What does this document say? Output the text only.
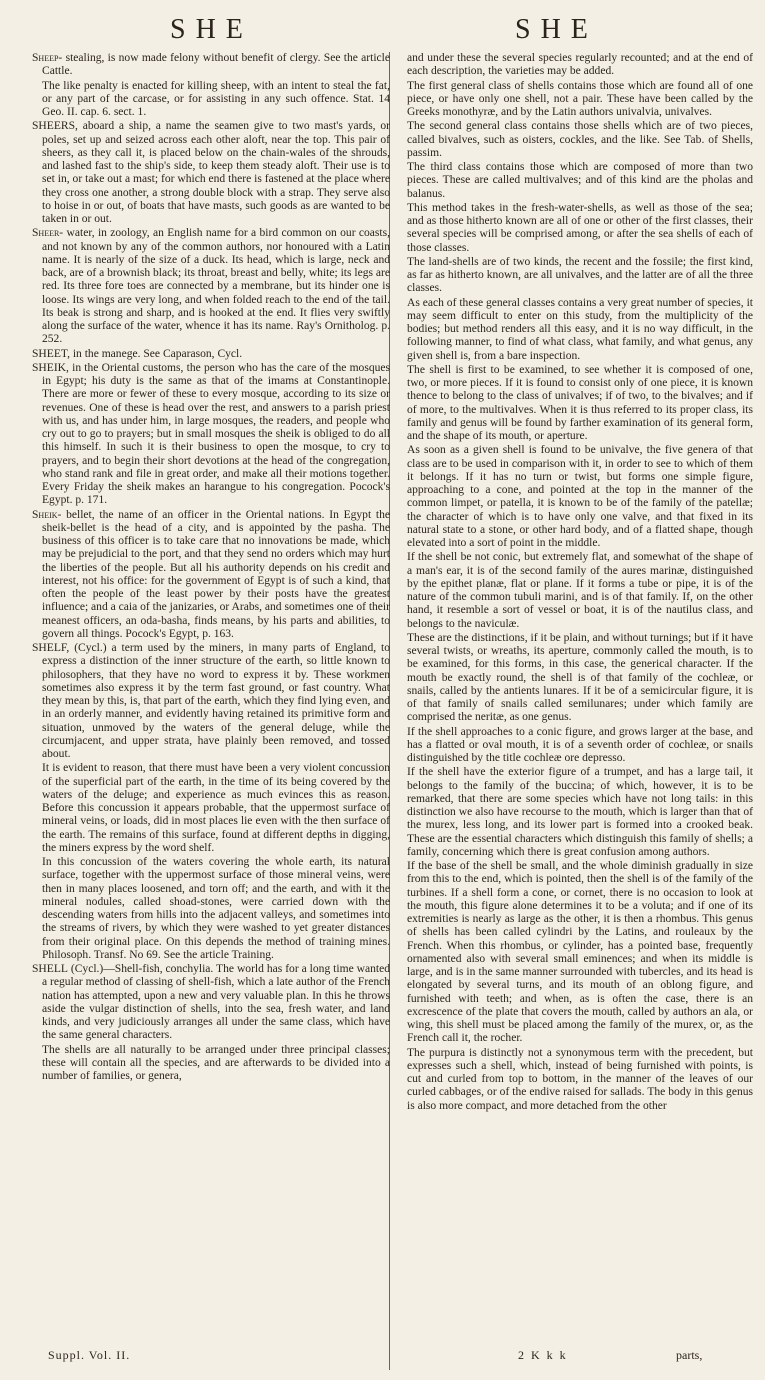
SHE	SHE
Sheep- stealing, is now made felony without benefit of clergy. See the article Cattle.
The like penalty is enacted for killing sheep, with an intent to steal the fat, or any part of the carcase, or for assisting in any such offence. Stat. 14 Geo. II. cap. 6. sect. 1.
SHEERS, aboard a ship, a name the seamen give to two mast's yards, or poles, set up and seized across each other aloft, near the top. This pair of sheers, as they call it, is placed below on the chain-wales of the shrouds, and lashed fast to the ship's side, to keep them steady aloft. Their use is to set in, or take out a mast; for which end there is fastened at the place where they cross one another, a strong double block with a strap. They serve also to hoise in or out, of boats that have masts, such goods as are wanted to be taken in or out.
Sheer- water, in zoology, an English name for a bird common on our coasts, and not known by any of the common authors, nor honoured with a Latin name. It is nearly of the size of a duck. Its head, which is large, neck and back, are of a brownish black; its throat, breast and belly, white; its legs are red. Its three fore toes are connected by a membrane, but its hinder one is loose. Its wings are very long, and when folded reach to the end of the tail. Its beak is strong and sharp, and is hooked at the end. It flies very swiftly along the surface of the water, whence it has its name. Ray's Ornitholog. p. 252.
SHEET, in the manege. See Caparason, Cycl.
SHEIK, in the Oriental customs, the person who has the care of the mosques in Egypt; his duty is the same as that of the imams at Constantinople. There are more or fewer of these to every mosque, according to its size or revenues. One of these is head over the rest, and answers to a parish priest with us, and has under him, in large mosques, the readers, and people who cry out to go to prayers; but in small mosques the sheik is obliged to do all this himself. In such it is their business to open the mosque, to cry to prayers, and to begin their short devotions at the head of the congregation, who stand rank and file in great order, and make all their motions together. Every Friday the sheik makes an harangue to his congregation. Pocock's Egypt. p. 171.
Sheik- bellet, the name of an officer in the Oriental nations. In Egypt the sheik-bellet is the head of a city, and is appointed by the pasha. The business of this officer is to take care that no innovations be made, which may be prejudicial to the port, and that they send no orders which may hurt the liberties of the people. But all his authority depends on his credit and interest, not his office: for the government of Egypt is of such a kind, that often the people of the least power by their posts have the greatest influence; and a caia of the janizaries, or Arabs, and sometimes one of their meanest officers, an oda-basha, finds means, by his parts and abilities, to govern all things. Pocock's Egypt, p. 163.
SHELF, (Cycl.) a term used by the miners, in many parts of England, to express a distinction of the inner structure of the earth, so little known to philosophers, that they have no word to express it by. These workmen sometimes also express it by the term fast ground, or fast country. What they mean by this, is, that part of the earth, which they find lying even, and in an orderly manner, and evidently having retained its primitive form and situation, unmoved by the waters of the general deluge, while the circumjacent, and upper strata, have plainly been removed, and tossed about.
It is evident to reason, that there must have been a very violent concussion of the superficial part of the earth, in the time of its being covered by the waters of the deluge; and experience as much evinces this as reason. Before this concussion it appears probable, that the uppermost surface of mineral veins, or loads, did in most places lie even with the then surface of the earth. The remains of this surface, found at different depths in digging, the miners express by the word shelf.
In this concussion of the waters covering the whole earth, its natural surface, together with the uppermost surface of those mineral veins, were then in many places loosened, and torn off; and the earth, and with it the mineral nodules, called shoad-stones, were carried down with the descending waters from hills into the adjacent valleys, and sometimes into the streams of rivers, by which they were washed to yet greater distances from their original place. On this depends the method of training mines. Philosoph. Transf. No 69. See the article Training.
SHELL (Cycl.)—Shell-fish, conchylia. The world has for a long time wanted a regular method of classing of shell-fish, which a late author of the French nation has attempted, upon a new and very valuable plan. In this he throws aside the vulgar distinction of shells, into the sea, fresh water, and land kinds, and very judiciously arranges all under the same class, which have the same general characters.
The shells are all naturally to be arranged under three principal classes; these will contain all the species, and are afterwards to be divided into a number of families, or genera,
and under these the several species regularly recounted; and at the end of each description, the varieties may be added.
The first general class of shells contains those which are found all of one piece, or have only one shell, not a pair. These have been called by the Greeks monothyræ, and by the Latin authors univalvia, univalves.
The second general class contains those shells which are of two pieces, called bivalves, such as oisters, cockles, and the like. See Tab. of Shells, passim.
The third class contains those which are composed of more than two pieces. These are called multivalves; and of this kind are the pholas and balanus.
This method takes in the fresh-water-shells, as well as those of the sea; and as those hitherto known are all of one or other of the first classes, their several species will be comprised among, or after the sea shells of each of those classes.
The land-shells are of two kinds, the recent and the fossile; the first kind, as far as hitherto known, are all univalves, and the latter are of all the three classes.
As each of these general classes contains a very great number of species, it may seem difficult to enter on this study, from the multiplicity of the bodies; but method renders all this easy, and it is no way difficult, in the following manner, to find of what class, what family, and what genus, any given shell is, from a bare inspection.
The shell is first to be examined, to see whether it is composed of one, two, or more pieces. If it is found to consist only of one piece, it is known thence to belong to the class of univalves; if of two, to the bivalves; and if of more, to the multivalves. When it is thus referred to its proper class, its family and genus will be found by farther examination of its general form, and the shape of its mouth, or aperture.
As soon as a given shell is found to be univalve, the five genera of that class are to be used in comparison with it, in order to see to which of them it belongs. If it has no turn or twist, but forms one simple figure, approaching to a cone, and pointed at the top in the manner of the common limpet, or patella, it is known to be of the family of the patellæ; the character of which is to have only one valve, and that fixed in its natural state to a stone, or other hard body, and of a flatted shape, though elevated into a sort of point in the middle.
If the shell be not conic, but extremely flat, and somewhat of the shape of a man's ear, it is of the second family of the aures marinæ, distinguished by the epithet planæ, flat or plane. If it forms a tube or pipe, it is of the nature of the common tubuli marini, and is of that family. If, on the other hand, it resemble a sort of vessel or boat, it is of the nautilus class, and belongs to the naviculæ.
These are the distinctions, if it be plain, and without turnings; but if it have several twists, or wreaths, its aperture, commonly called the mouth, is to be examined, for this forms, in this case, the generical character. If the mouth be exactly round, the shell is of that family of the cochleæ, or snails, called by the antients lunares. If it be of a semicircular figure, it is of that family of snails called semilunares; under which family are comprised the neritæ, as one genus.
If the shell approaches to a conic figure, and grows larger at the base, and has a flatted or oval mouth, it is of a seventh order of cochleæ, or snails distinguished by the title cochleæ ore depresso.
If the shell have the exterior figure of a trumpet, and has a large tail, it belongs to the family of the buccina; of which, however, it is to be remarked, that there are some species which have not long tails: in this distinction we also have recourse to the mouth, which is larger than that of the murex, less long, and its lower part is formed into a crooked beak. These are the essential characters which distinguish this family of shells; a family, concerning which there is great confusion among authors.
If the base of the shell be small, and the whole diminish gradually in size from this to the end, which is pointed, then the shell is of the family of the turbines. If a shell form a cone, or cornet, there is no occasion to look at the mouth, this figure alone determines it to be a voluta; and if one of its extremities is nearly as large as the other, it is then a rhombus. This genus of shells has been called cylindri by the Latins, and rouleaux by the French. When this rhombus, or cylinder, has a pointed base, frequently ornamented also with several small eminences; and when its middle is large, and is in the same manner surrounded with tubercles, and its head is elongated by several turns, and its mouth of an oblong figure, and furnished with teeth; and when, as is often the case, there is an excrescence of the plate that covers the mouth, called by authors an ala, or wing, this shell must be placed among the family of the murex, or, as the French call it, the rocher.
The purpura is distinctly not a synonymous term with the precedent, but expresses such a shell, which, instead of being furnished with points, is cut and curled from top to bottom, in the manner of the leaves of our curled cabbages, or of the endive raised for sallads. The body in this genus is also more compact, and more detached from the other
Suppl. Vol. II.	2 K k k	parts,
